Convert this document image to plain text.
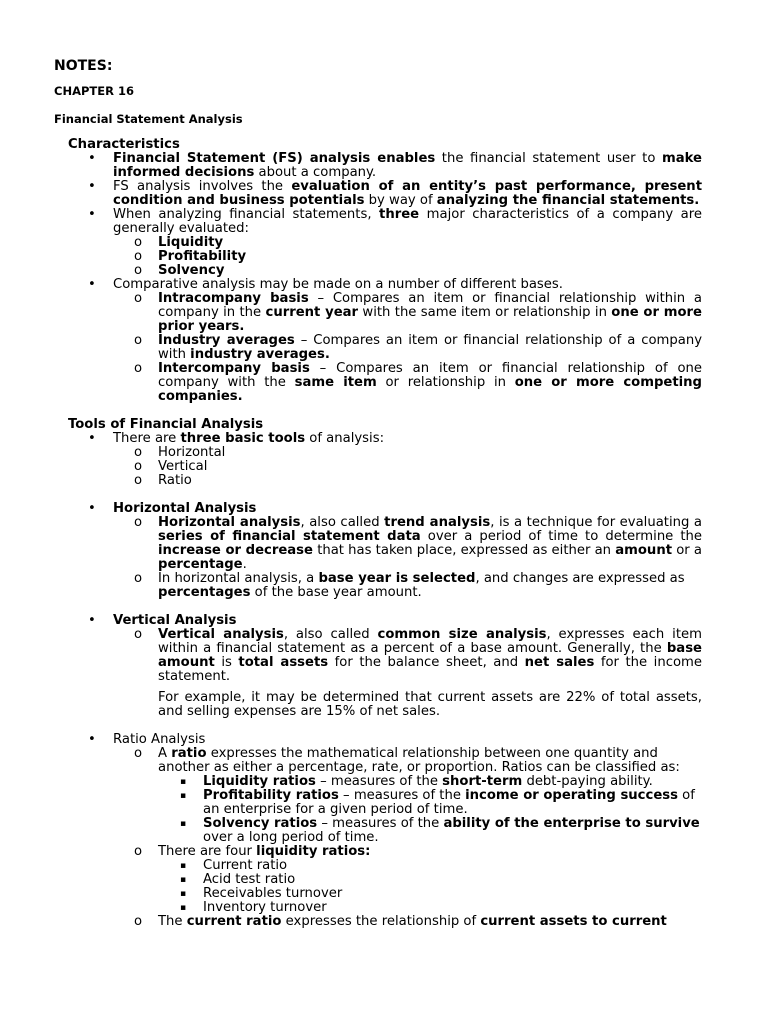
NOTES:
CHAPTER 16
Financial Statement Analysis

Characteristics

• Financial Statement (FS) analysis enables the financial statement user to make informed decisions about a company.
• FS analysis involves the evaluation of an entity’s past performance, present condition and business potentials by way of analyzing the financial statements.
• When analyzing financial statements, three major characteristics of a company are generally evaluated:
o Liquidity
o Profitability
o Solvency
• Comparative analysis may be made on a number of different bases.
o Intracompany basis – Compares an item or financial relationship within a company in the current year with the same item or relationship in one or more prior years.
o Industry averages – Compares an item or financial relationship of a company with industry averages.
o Intercompany basis – Compares an item or financial relationship of one company with the same item or relationship in one or more competing companies.

Tools of Financial Analysis

• There are three basic tools of analysis:
o Horizontal
o Vertical
o Ratio
• Horizontal Analysis
o Horizontal analysis, also called trend analysis, is a technique for evaluating a series of financial statement data over a period of time to determine the increase or decrease that has taken place, expressed as either an amount or a percentage.
o In horizontal analysis, a base year is selected, and changes are expressed as
percentages of the base year amount.
• Vertical Analysis
o Vertical analysis, also called common size analysis, expresses each item within a financial statement as a percent of a base amount. Generally, the base amount is total assets for the balance sheet, and net sales for the income statement.
For example, it may be determined that current assets are 22% of total assets, and selling expenses are 15% of net sales.
• Ratio Analysis
o A ratio expresses the mathematical relationship between one quantity and another as either a percentage, rate, or proportion. Ratios can be classified as:
▪ Liquidity ratios – measures of the short-term debt-paying ability.
▪ Profitability ratios – measures of the income or operating success of an enterprise for a given period of time.
▪ Solvency ratios – measures of the ability of the enterprise to survive
over a long period of time.
o There are four liquidity ratios:
▪ Current ratio
▪ Acid test ratio
▪ Receivables turnover
▪ Inventory turnover
o The current ratio expresses the relationship of current assets to current
